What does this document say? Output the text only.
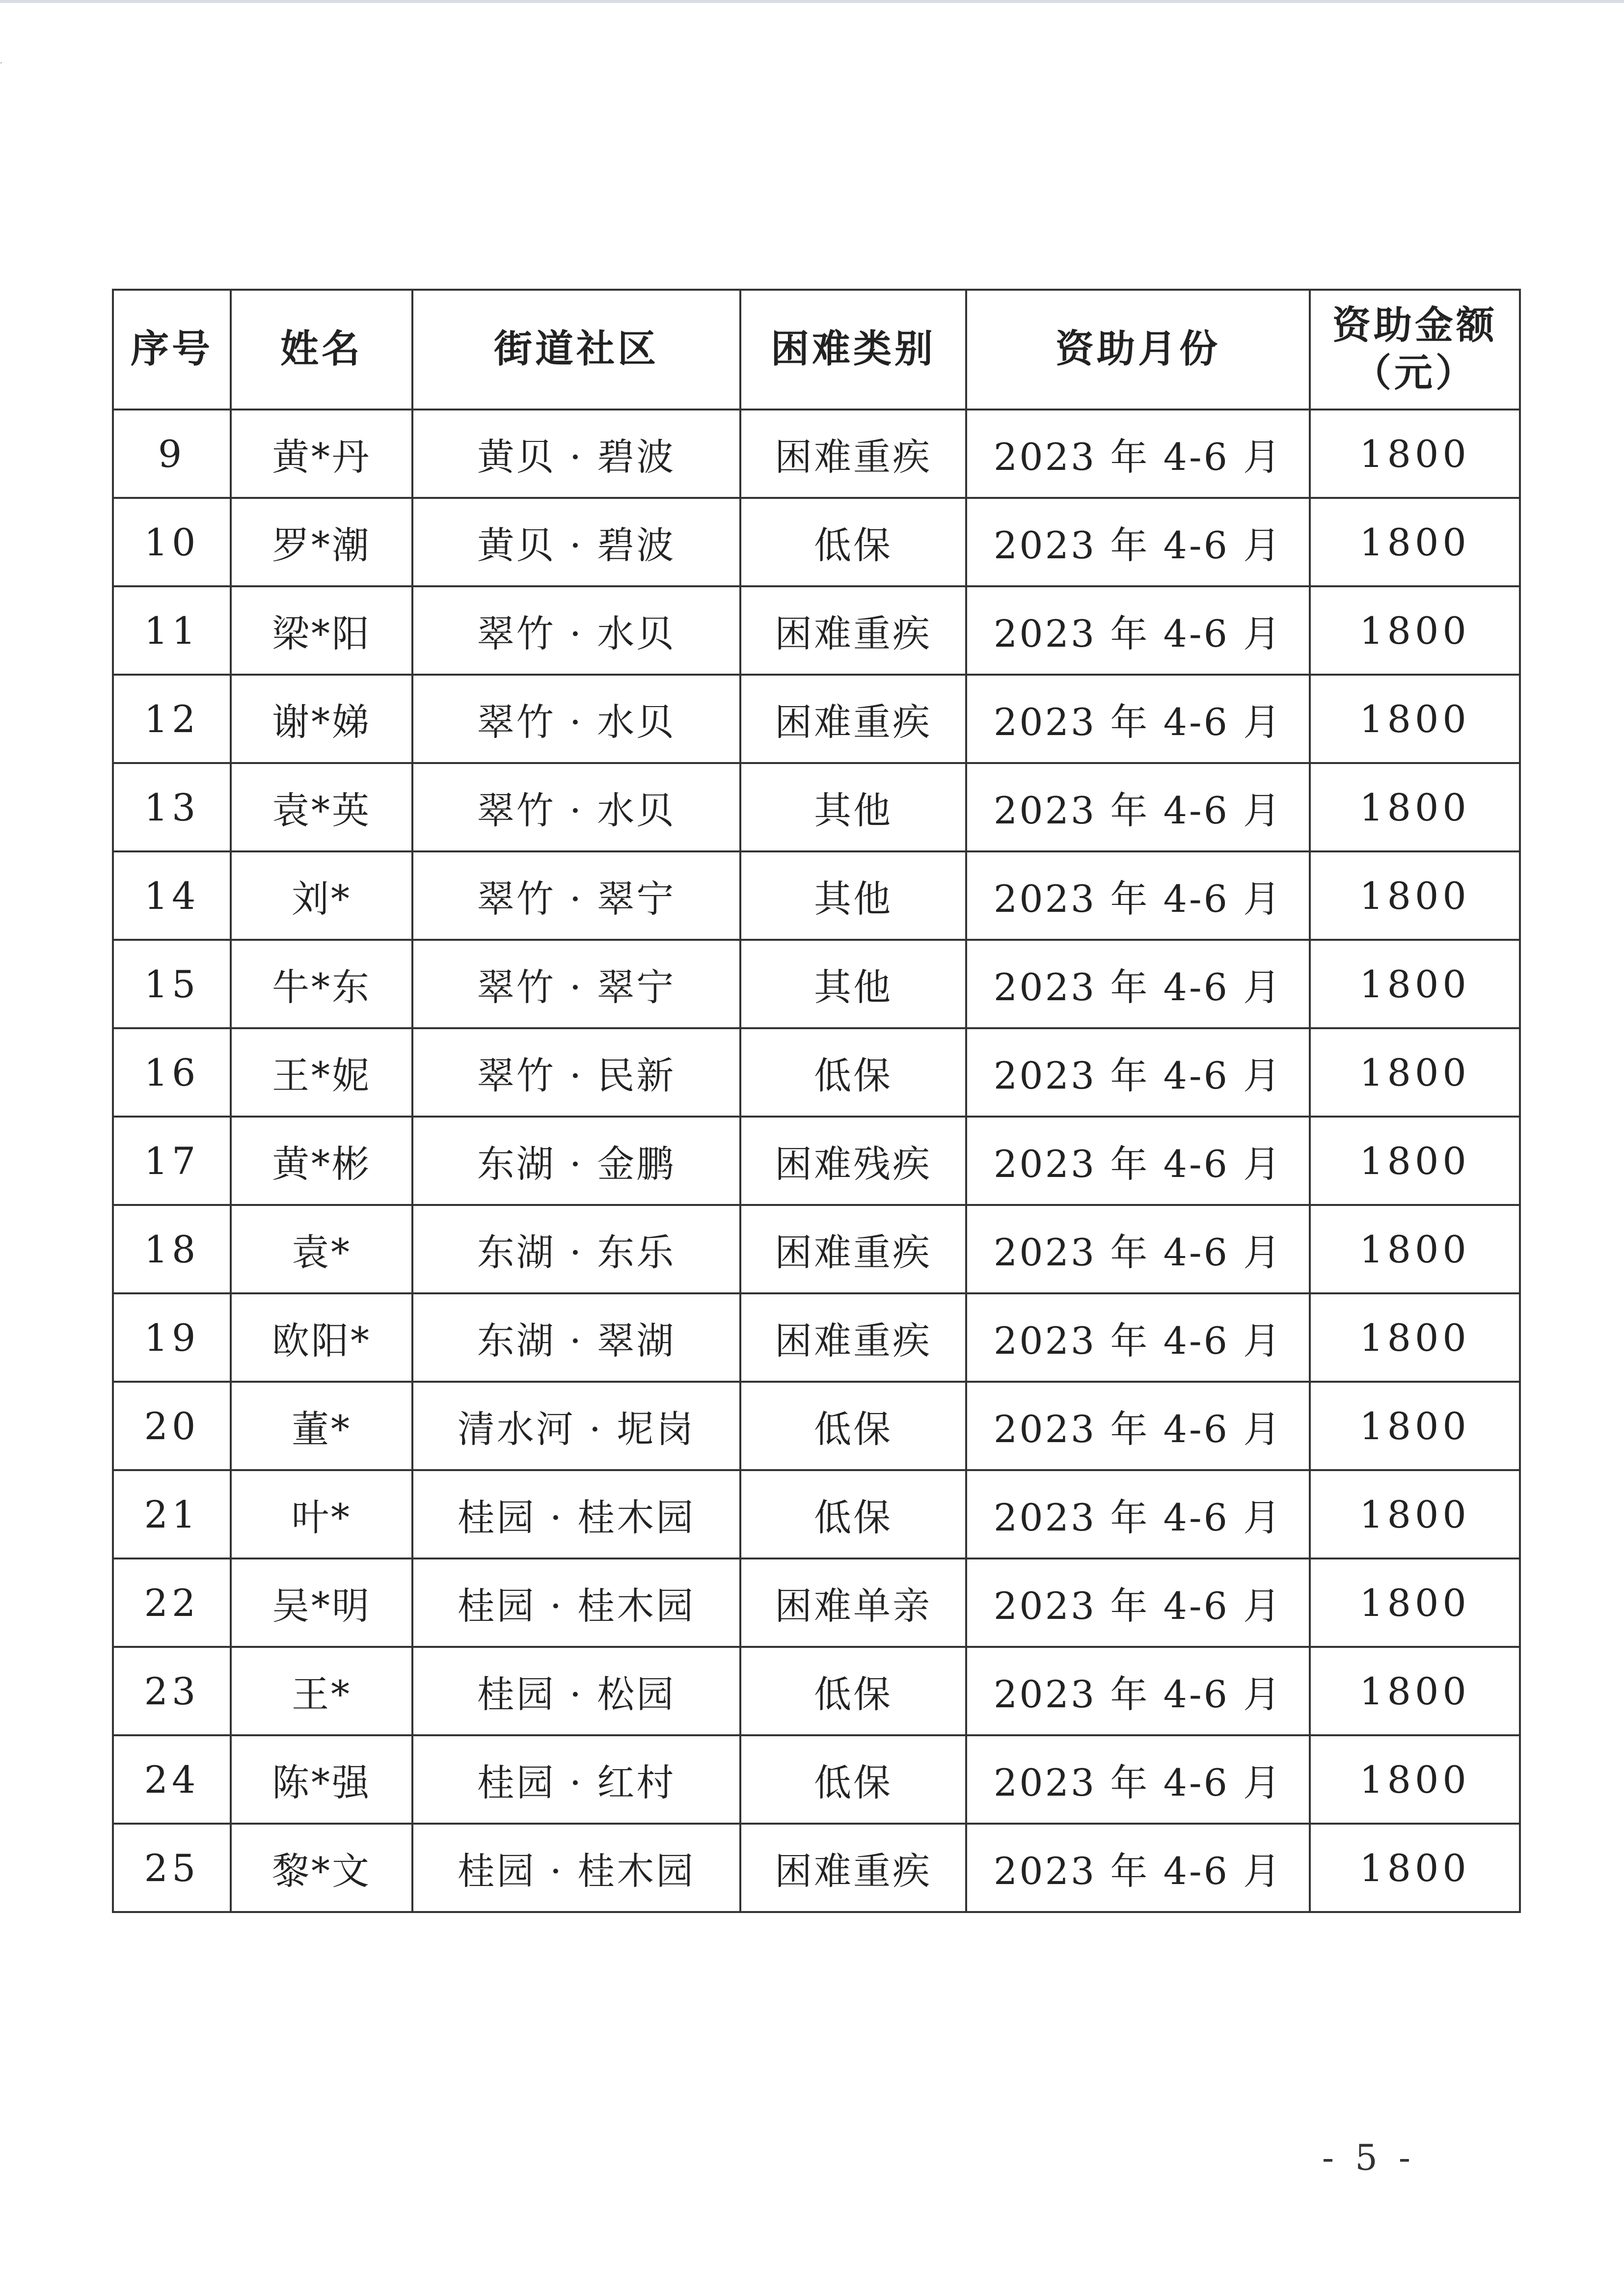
·
序号	姓名	街道社区	困难类别	资助月份	资助金额
（元）

9	黄*丹	黄贝 · 碧波	困难重疾	2023 年 4-6 月	1800
10	罗*潮	黄贝 · 碧波	低保	2023 年 4-6 月	1800
11	梁*阳	翠竹 · 水贝	困难重疾	2023 年 4-6 月	1800
12	谢*娣	翠竹 · 水贝	困难重疾	2023 年 4-6 月	1800
13	袁*英	翠竹 · 水贝	其他	2023 年 4-6 月	1800
14	刘*	翠竹 · 翠宁	其他	2023 年 4-6 月	1800
15	牛*东	翠竹 · 翠宁	其他	2023 年 4-6 月	1800
16	王*妮	翠竹 · 民新	低保	2023 年 4-6 月	1800
17	黄*彬	东湖 · 金鹏	困难残疾	2023 年 4-6 月	1800
18	袁*	东湖 · 东乐	困难重疾	2023 年 4-6 月	1800
19	欧阳*	东湖 · 翠湖	困难重疾	2023 年 4-6 月	1800
20	董*	清水河 · 坭岗	低保	2023 年 4-6 月	1800
21	叶*	桂园 · 桂木园	低保	2023 年 4-6 月	1800
22	吴*明	桂园 · 桂木园	困难单亲	2023 年 4-6 月	1800
23	王*	桂园 · 松园	低保	2023 年 4-6 月	1800
24	陈*强	桂园 · 红村	低保	2023 年 4-6 月	1800
25	黎*文	桂园 · 桂木园	困难重疾	2023 年 4-6 月	1800
- 5 -
